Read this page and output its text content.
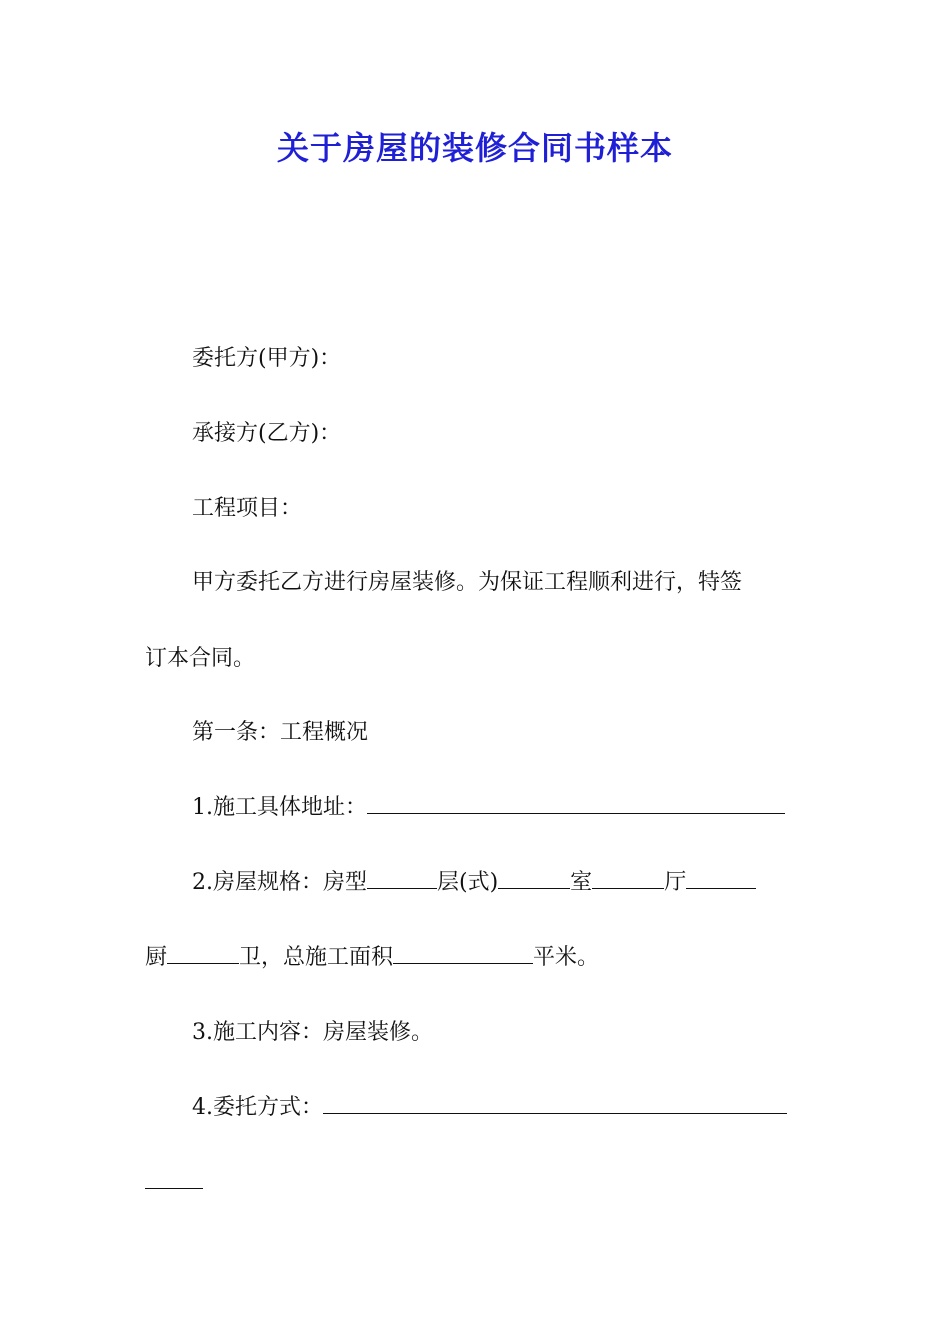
关于房屋的装修合同书样本
委托方(甲方)：
承接方(乙方)：
工程项目：
甲方委托乙方进行房屋装修。为保证工程顺利进行，特签
订本合同。
第一条：工程概况
1.施工具体地址：
2.房屋规格：房型	层(式)	室	厅
厨	卫，总施工面积	平米。
3.施工内容：房屋装修。
4.委托方式：
